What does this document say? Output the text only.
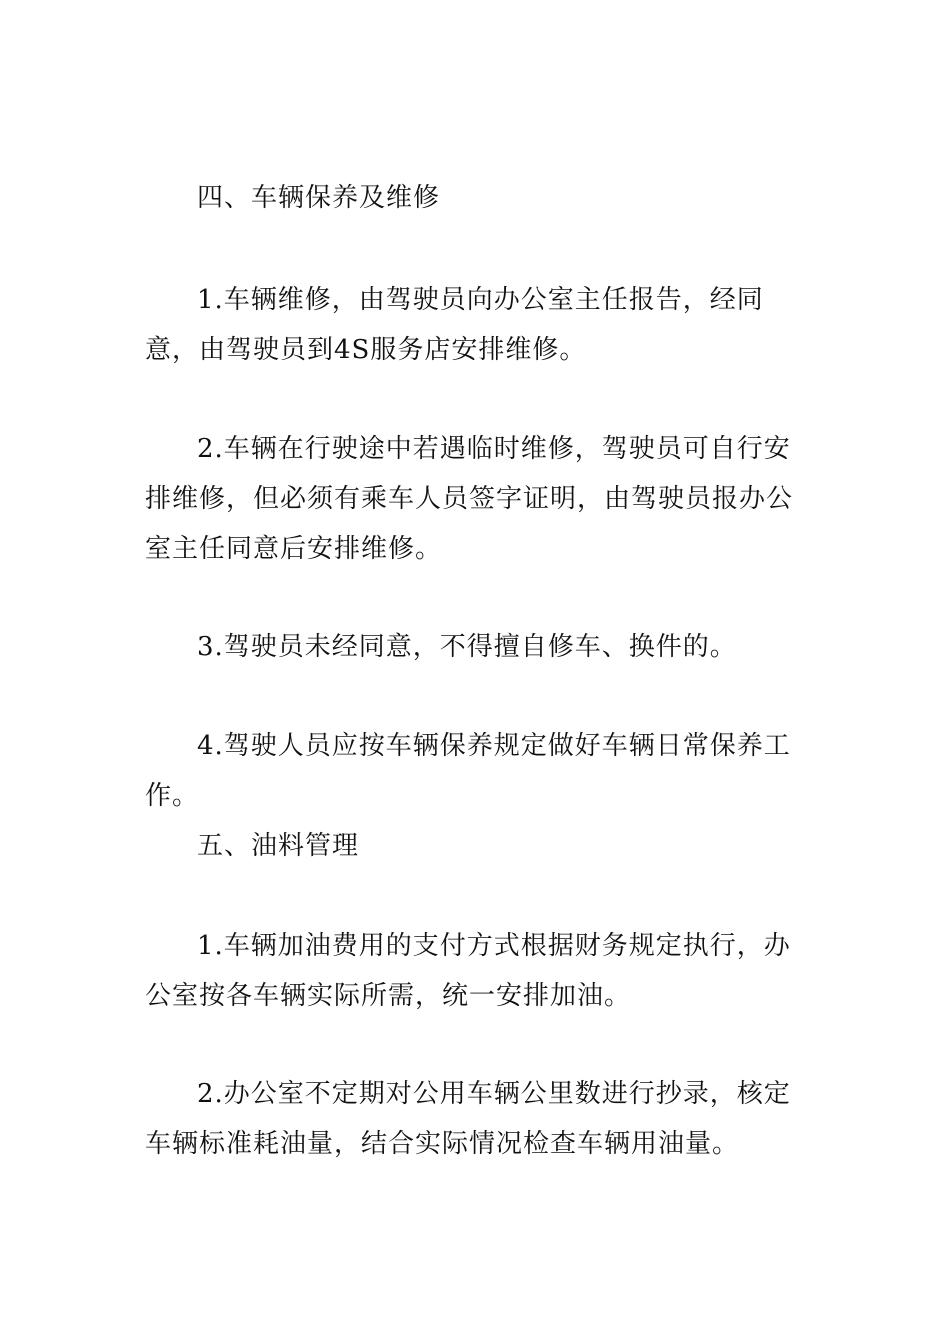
四、车辆保养及维修

1.车辆维修，由驾驶员向办公室主任报告，经同意，由驾驶员到4S服务店安排维修。

2.车辆在行驶途中若遇临时维修，驾驶员可自行安排维修，但必须有乘车人员签字证明，由驾驶员报办公室主任同意后安排维修。

3.驾驶员未经同意，不得擅自修车、换件的。

4.驾驶人员应按车辆保养规定做好车辆日常保养工作。

五、油料管理

1.车辆加油费用的支付方式根据财务规定执行，办公室按各车辆实际所需，统一安排加油。

2.办公室不定期对公用车辆公里数进行抄录，核定车辆标准耗油量，结合实际情况检查车辆用油量。
